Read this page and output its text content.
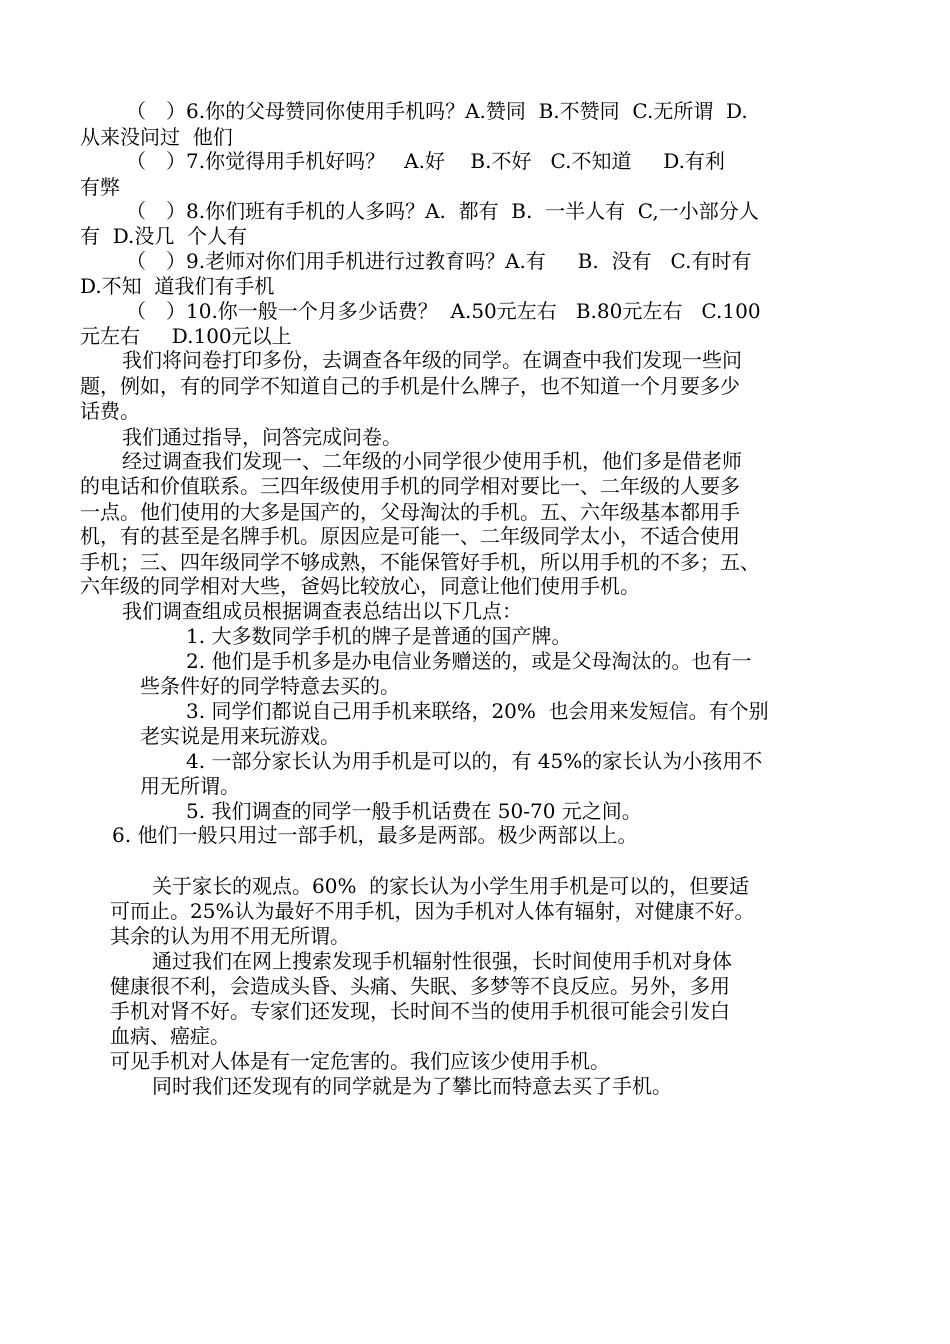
（　）6.你的父母赞同你使用手机吗？A.赞同  B.不赞同  C.无所谓  D.

从来没问过  他们

（　）7.你觉得用手机好吗？   A.好    B.不好   C.不知道     D.有利

有弊

（　）8.你们班有手机的人多吗？A.  都有  B.  一半人有  C,一小部分人

有  D.没几  个人有

（　）9.老师对你们用手机进行过教育吗？A.有     B.  没有   C.有时有

D.不知  道我们有手机

（　）10.你一般一个月多少话费？  A.50元左右   B.80元左右   C.100

元左右     D.100元以上

我们将问卷打印多份，去调查各年级的同学。在调查中我们发现一些问

题，例如，有的同学不知道自己的手机是什么牌子，也不知道一个月要多少

话费。

我们通过指导，问答完成问卷。

经过调查我们发现一、二年级的小同学很少使用手机，他们多是借老师

的电话和价值联系。三四年级使用手机的同学相对要比一、二年级的人要多

一点。他们使用的大多是国产的，父母淘汰的手机。五、六年级基本都用手

机，有的甚至是名牌手机。原因应是可能一、二年级同学太小，不适合使用

手机；三、四年级同学不够成熟，不能保管好手机，所以用手机的不多；五、

六年级的同学相对大些，爸妈比较放心，同意让他们使用手机。

我们调查组成员根据调查表总结出以下几点：

1. 大多数同学手机的牌子是普通的国产牌。

2. 他们是手机多是办电信业务赠送的，或是父母淘汰的。也有一

些条件好的同学特意去买的。

3. 同学们都说自己用手机来联络，20%  也会用来发短信。有个别

老实说是用来玩游戏。

4. 一部分家长认为用手机是可以的，有 45%的家长认为小孩用不

用无所谓。

5. 我们调查的同学一般手机话费在 50-70 元之间。

6. 他们一般只用过一部手机，最多是两部。极少两部以上。

关于家长的观点。60%  的家长认为小学生用手机是可以的，但要适

可而止。25%认为最好不用手机，因为手机对人体有辐射，对健康不好。

其余的认为用不用无所谓。

通过我们在网上搜索发现手机辐射性很强，长时间使用手机对身体

健康很不利，会造成头昏、头痛、失眠、多梦等不良反应。另外，多用

手机对肾不好。专家们还发现，长时间不当的使用手机很可能会引发白

血病、癌症。

可见手机对人体是有一定危害的。我们应该少使用手机。

同时我们还发现有的同学就是为了攀比而特意去买了手机。
